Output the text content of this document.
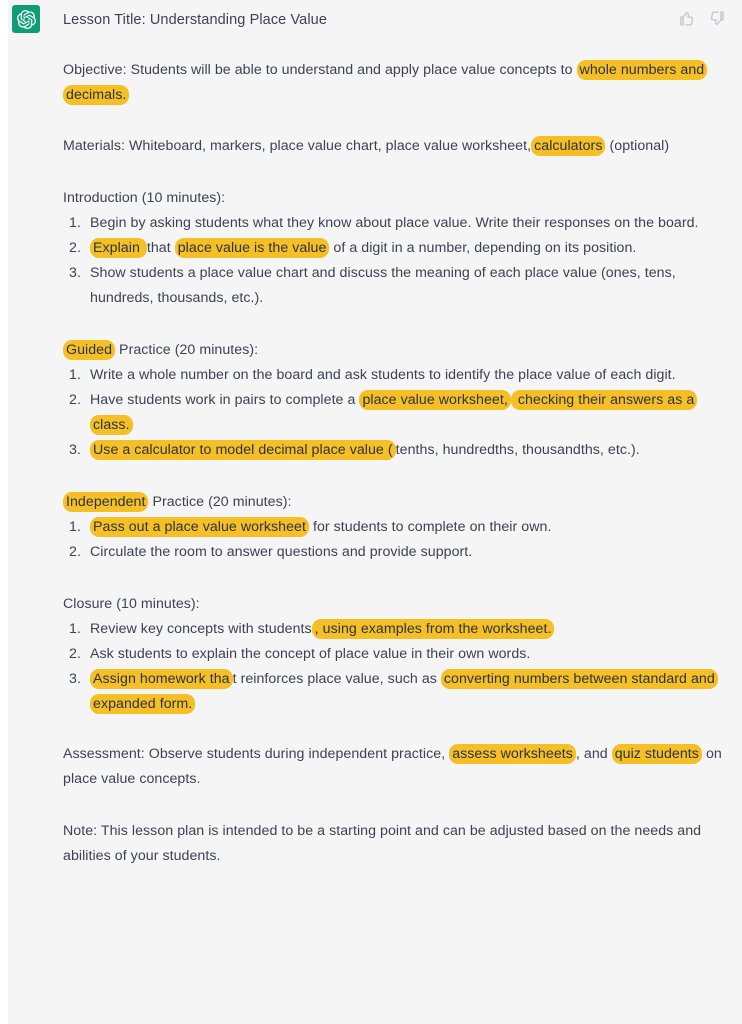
Lesson Title: Understanding Place Value

Objective: Students will be able to understand and apply place value concepts to whole numbers and decimals.

Materials: Whiteboard, markers, place value chart, place value worksheet, calculators (optional)

Introduction (10 minutes):

Begin by asking students what they know about place value. Write their responses on the board.
Explain that place value is the value of a digit in a number, depending on its position.
Show students a place value chart and discuss the meaning of each place value (ones, tens, hundreds, thousands, etc.).

Guided Practice (20 minutes):

Write a whole number on the board and ask students to identify the place value of each digit.
Have students work in pairs to complete a place value worksheet, checking their answers as a class.
Use a calculator to model decimal place value ( tenths, hundredths, thousandths, etc.).

Independent Practice (20 minutes):

Pass out a place value worksheet for students to complete on their own.
Circulate the room to answer questions and provide support.

Closure (10 minutes):

Review key concepts with students , using examples from the worksheet.
Ask students to explain the concept of place value in their own words.
Assign homework tha t reinforces place value, such as converting numbers between standard and expanded form.

Assessment: Observe students during independent practice, assess worksheets , and quiz students on place value concepts.

Note: This lesson plan is intended to be a starting point and can be adjusted based on the needs and abilities of your students.
